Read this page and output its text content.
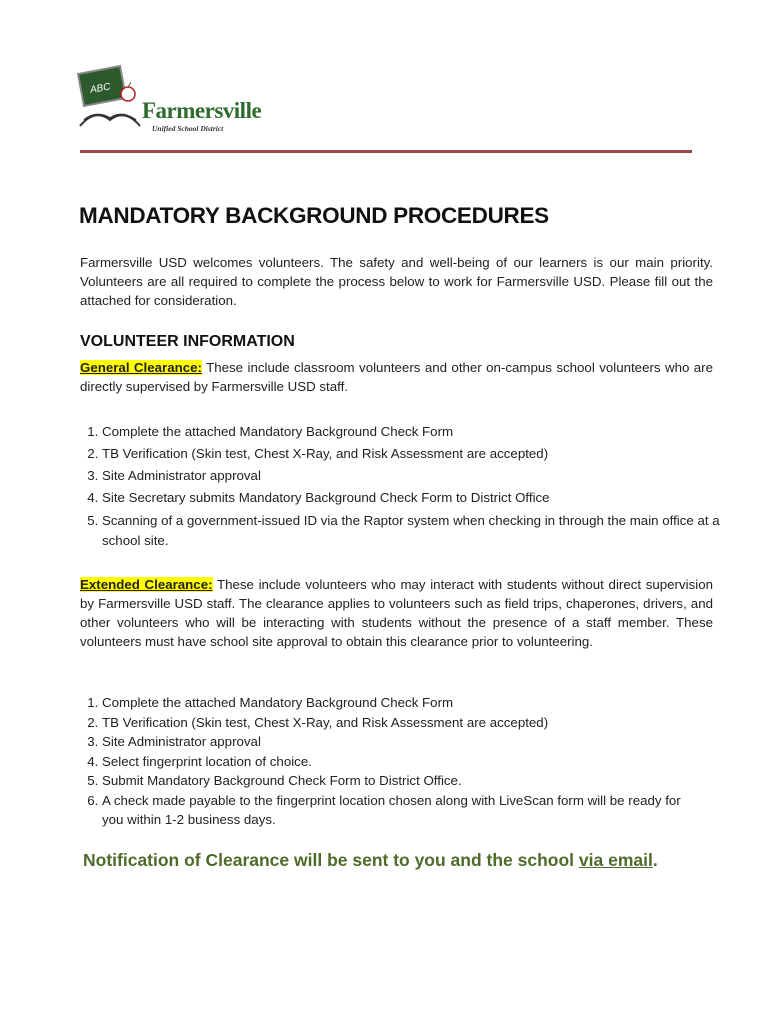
ABC
Farmersville
Unified School District
MANDATORY BACKGROUND PROCEDURES
Farmersville USD welcomes volunteers. The safety and well-being of our learners is our main priority. Volunteers are all required to complete the process below to work for Farmersville USD. Please fill out the attached for consideration.
VOLUNTEER INFORMATION
General Clearance: These include classroom volunteers and other on-campus school volunteers who are directly supervised by Farmersville USD staff.
1. Complete the attached Mandatory Background Check Form
2. TB Verification (Skin test, Chest X-Ray, and Risk Assessment are accepted)
3. Site Administrator approval
4. Site Secretary submits Mandatory Background Check Form to District Office
5. Scanning of a government-issued ID via the Raptor system when checking in through the main office at a school site.
Extended Clearance: These include volunteers who may interact with students without direct supervision by Farmersville USD staff. The clearance applies to volunteers such as field trips, chaperones, drivers, and other volunteers who will be interacting with students without the presence of a staff member. These volunteers must have school site approval to obtain this clearance prior to volunteering.
1. Complete the attached Mandatory Background Check Form
2. TB Verification (Skin test, Chest X-Ray, and Risk Assessment are accepted)
3. Site Administrator approval
4. Select fingerprint location of choice.
5. Submit Mandatory Background Check Form to District Office.
6. A check made payable to the fingerprint location chosen along with LiveScan form will be ready for you within 1-2 business days.
Notification of Clearance will be sent to you and the school via email.
